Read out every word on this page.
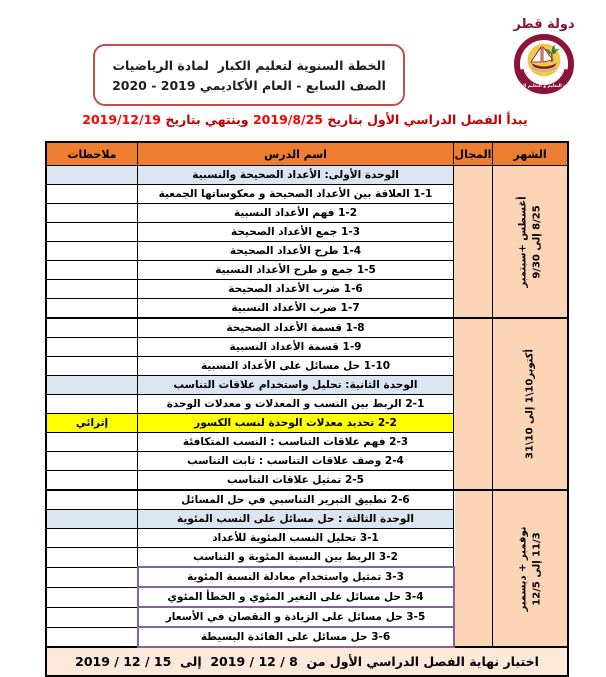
دولة قطر
وزارة التعليم و التعليم العالي
الخطة السنوية لتعليم الكبار  لمادة الرياضيات
الصف السابع - العام الأكاديمي 2019 - 2020
يبدأ الفصل الدراسي الأول بتاريخ 2019/8/25 وينتهي بتاريخ 2019/12/19
الشهر	المجال	اسم الدرس	ملاحظات

أغسطس +سبتمبر 8/25 إلى 9/30		الوحدة الأولى: الأعداد الصحيحة والنسبية	
		1-1 العلاقة بين الأعداد الصحيحة و معكوساتها الجمعية	
		1-2 فهم الأعداد النسبية	
		1-3 جمع الأعداد الصحيحة	
		1-4 طرح الأعداد الصحيحة	
		1-5 جمع و طرح الأعداد النسبية	
		1-6 ضرب الأعداد الصحيحة	
		1-7 ضرب الأعداد النسبية	

أكتوبر10\1 إلى 10\31		1-8 قسمة الأعداد الصحيحة	
		1-9 قسمة الأعداد النسبية	
		1-10 حل مسائل على الأعداد النسبية	
		الوحدة الثانية: تحليل واستخدام علاقات التناسب	
		2-1 الربط بين النسب و المعدلات و معدلات الوحدة	
		2-2 تحديد معدلات الوحدة لنسب الكسور	إثرائي
		2-3 فهم علاقات التناسب : النسب المتكافئة	
		2-4 وصف علاقات التناسب : ثابت التناسب	
		2-5 تمثيل علاقات التناسب	

نوفمبر + ديسمبر 11/3 إلى 12/5		2-6 تطبيق التبرير التناسبي في حل المسائل	
		الوحدة الثالثة : حل مسائل على النسب المئوية	
		3-1 تحليل النسب المئوية للأعداد	
		3-2 الربط بين النسبة المئوية و التناسب	
		3-3 تمثيل واستخدام معادلة النسبة المئوية	
		3-4 حل مسائل على التغير المئوي و الخطأ المئوي	
		3-5 حل مسائل على الزيادة و النقصان في الأسعار	
		3-6 حل مسائل على الفائدة البسيطة	
اختبار نهاية الفصل الدراسي الأول من  8 / 12 / 2019  إلى  15 / 12 / 2019			
